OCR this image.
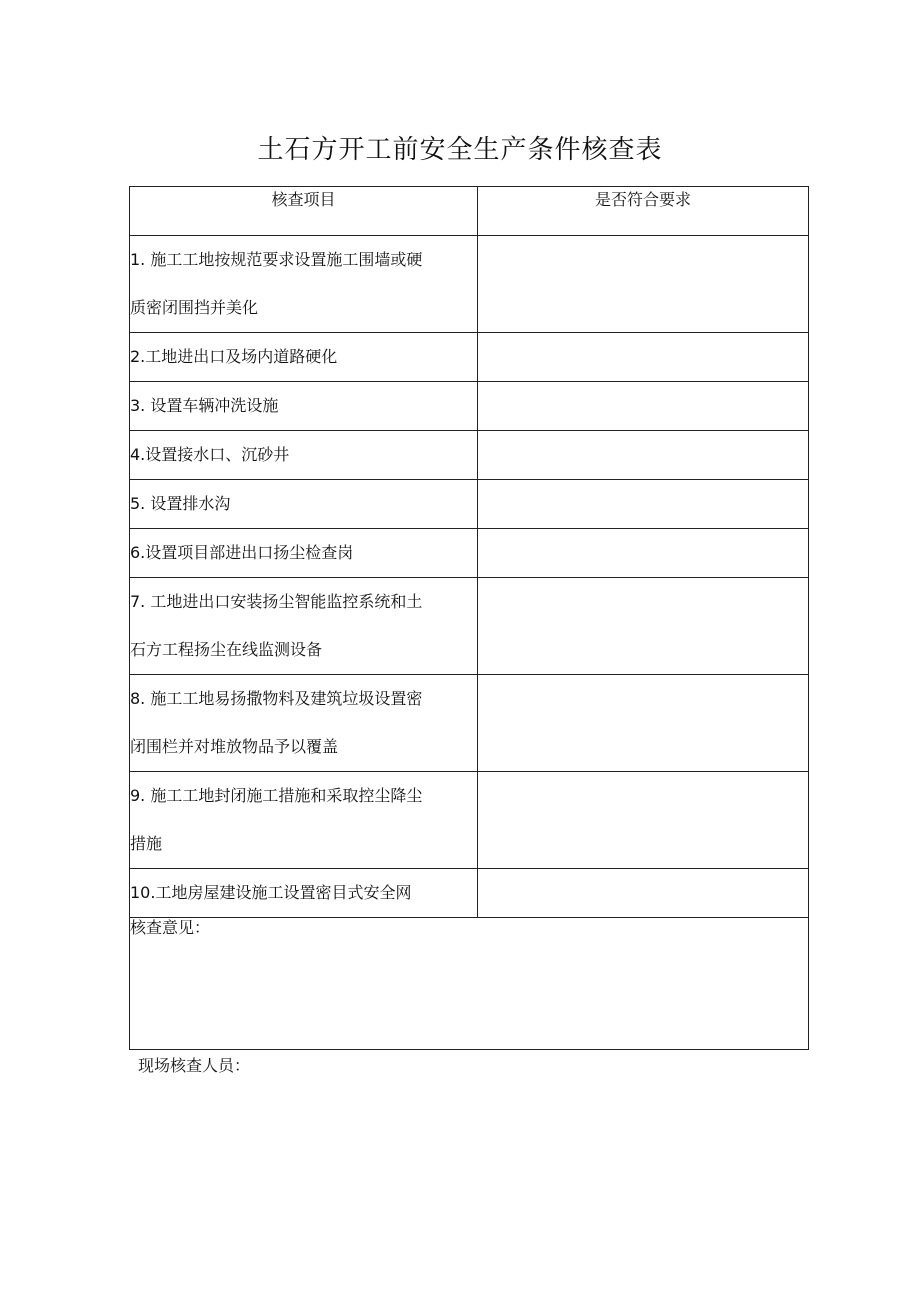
土石方开工前安全生产条件核查表
核查项目	是否符合要求

1. 施工工地按规范要求设置施工围墙或硬
质密闭围挡并美化	

2.工地进出口及场内道路硬化	

3. 设置车辆冲洗设施	

4.设置接水口、沉砂井	

5. 设置排水沟	

6.设置项目部进出口扬尘检查岗	

7. 工地进出口安装扬尘智能监控系统和土
石方工程扬尘在线监测设备	

8. 施工工地易扬撒物料及建筑垃圾设置密
闭围栏并对堆放物品予以覆盖	

9. 施工工地封闭施工措施和采取控尘降尘
措施	

10.工地房屋建设施工设置密目式安全网	

核查意见：	
现场核查人员：
